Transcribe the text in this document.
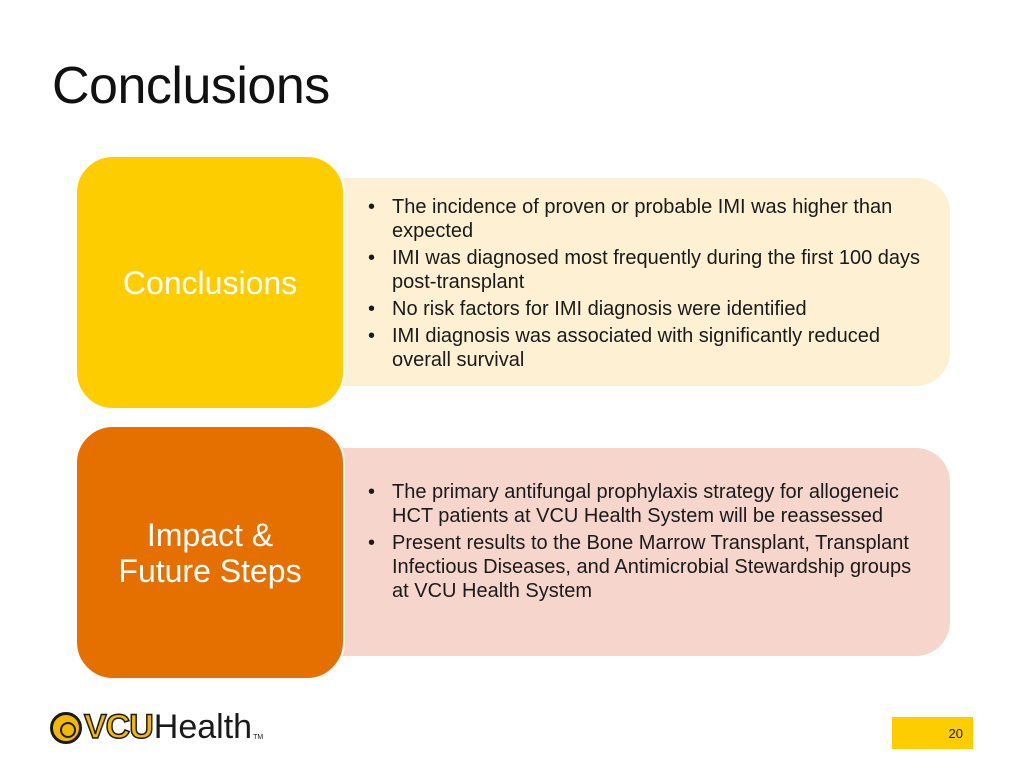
Conclusions
Conclusions
• The incidence of proven or probable IMI was higher than expected
• IMI was diagnosed most frequently during the first 100 days post-transplant
• No risk factors for IMI diagnosis were identified
• IMI diagnosis was associated with significantly reduced overall survival
Impact &
Future Steps
• The primary antifungal prophylaxis strategy for allogeneic HCT patients at VCU Health System will be reassessed
• Present results to the Bone Marrow Transplant, Transplant Infectious Diseases, and Antimicrobial Stewardship groups at VCU Health System
VCU Health TM	20
